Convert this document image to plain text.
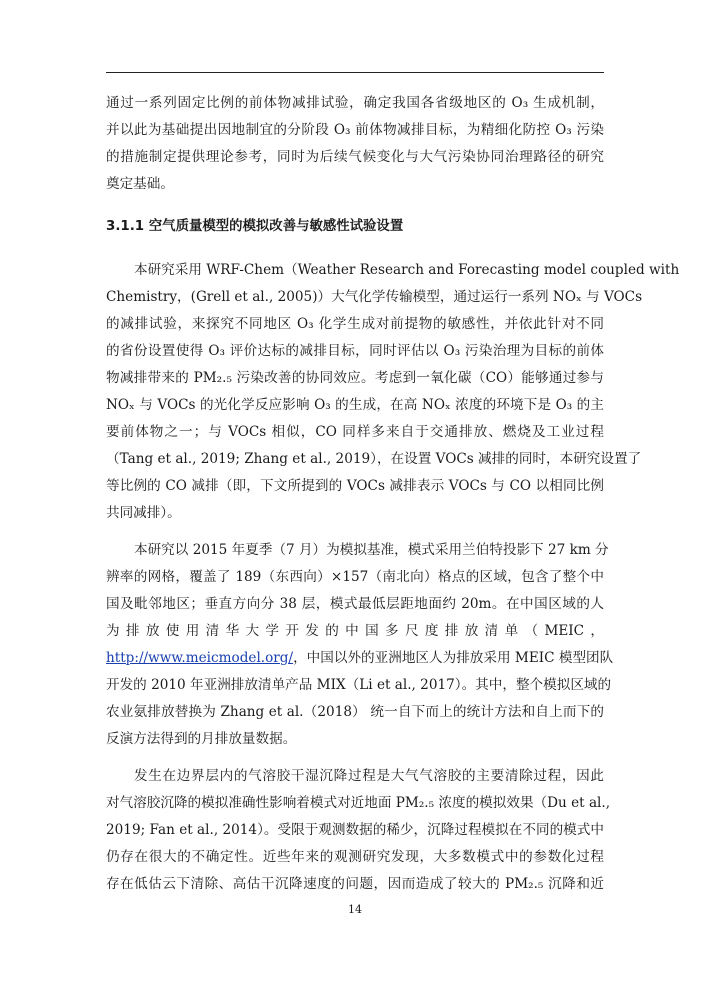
通过一系列固定比例的前体物减排试验，确定我国各省级地区的 O₃ 生成机制，
并以此为基础提出因地制宜的分阶段 O₃ 前体物减排目标，为精细化防控 O₃ 污染
的措施制定提供理论参考，同时为后续气候变化与大气污染协同治理路径的研究
奠定基础。
3.1.1 空气质量模型的模拟改善与敏感性试验设置
本研究采用 WRF-Chem（Weather Research and Forecasting model coupled with
Chemistry，(Grell et al., 2005)）大气化学传输模型，通过运行一系列 NOₓ 与 VOCs
的减排试验，来探究不同地区 O₃ 化学生成对前提物的敏感性，并依此针对不同
的省份设置使得 O₃ 评价达标的减排目标，同时评估以 O₃ 污染治理为目标的前体
物减排带来的 PM₂.₅ 污染改善的协同效应。考虑到一氧化碳（CO）能够通过参与
NOₓ 与 VOCs 的光化学反应影响 O₃ 的生成，在高 NOₓ 浓度的环境下是 O₃ 的主
要前体物之一；与 VOCs 相似，CO 同样多来自于交通排放、燃烧及工业过程
（Tang et al., 2019; Zhang et al., 2019），在设置 VOCs 减排的同时，本研究设置了
等比例的 CO 减排（即，下文所提到的 VOCs 减排表示 VOCs 与 CO 以相同比例
共同减排）。
本研究以 2015 年夏季（7 月）为模拟基准，模式采用兰伯特投影下 27 km 分
辨率的网格，覆盖了 189（东西向）×157（南北向）格点的区域，包含了整个中
国及毗邻地区；垂直方向分 38 层，模式最低层距地面约 20m。在中国区域的人
为排放使用清华大学开发的中国多尺度排放清单（MEIC，
http://www.meicmodel.org/，中国以外的亚洲地区人为排放采用 MEIC 模型团队
开发的 2010 年亚洲排放清单产品 MIX（Li et al., 2017）。其中，整个模拟区域的
农业氨排放替换为 Zhang et al.（2018） 统一自下而上的统计方法和自上而下的
反演方法得到的月排放量数据。
发生在边界层内的气溶胶干湿沉降过程是大气气溶胶的主要清除过程，因此
对气溶胶沉降的模拟准确性影响着模式对近地面 PM₂.₅ 浓度的模拟效果（Du et al.,
2019; Fan et al., 2014）。受限于观测数据的稀少，沉降过程模拟在不同的模式中
仍存在很大的不确定性。近些年来的观测研究发现，大多数模式中的参数化过程
存在低估云下清除、高估干沉降速度的问题，因而造成了较大的 PM₂.₅ 沉降和近
14
